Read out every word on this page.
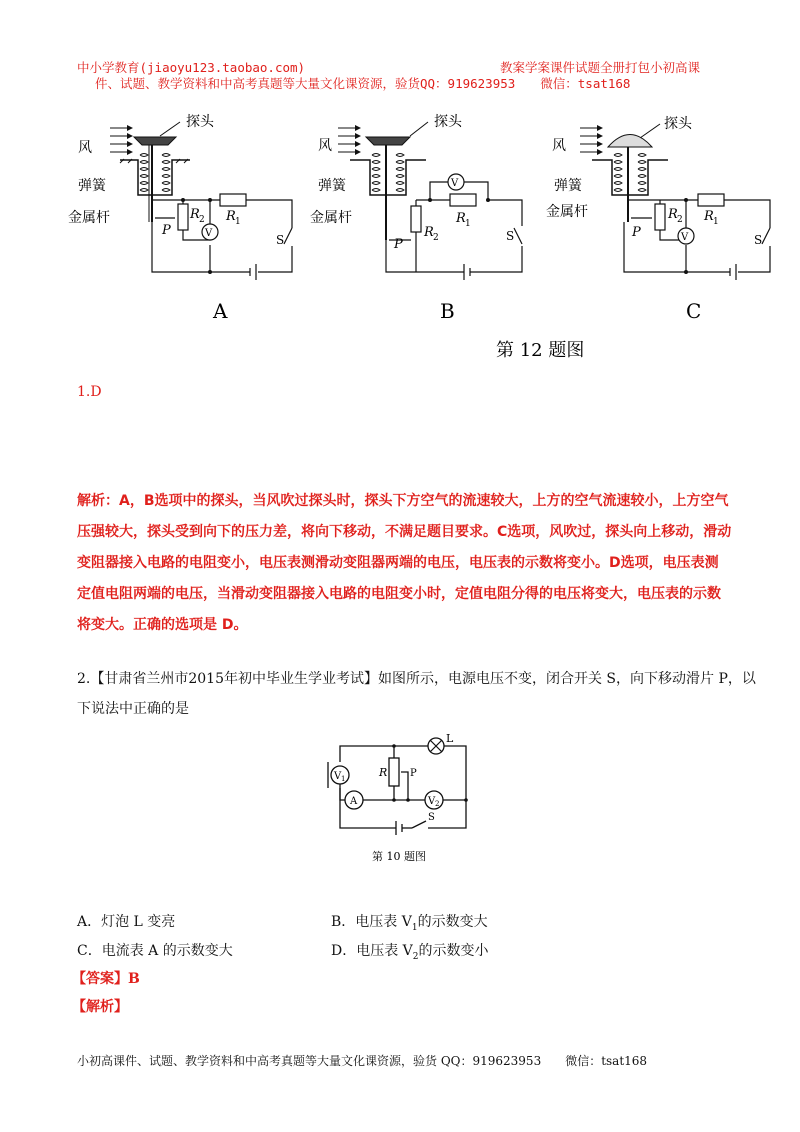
中小学教育(jiaoyu123.taobao.com)	教案学案课件试题全册打包小初高课
件、试题、教学资料和中高考真题等大量文化课资源，验货QQ：919623953　　微信：tsat168
风
探头
弹簧
金属杆
V
P
R 2 R 1
S
A
风
探头
弹簧
金属杆
V
P
R 2
R 1
S
B
风
探头
弹簧
金属杆
V
P
R 2 R 1
S
C
第 12 题图
1.D
解析：A，B选项中的探头，当风吹过探头时，探头下方空气的流速较大，上方的空气流速较小，上方空气
压强较大，探头受到向下的压力差，将向下移动，不满足题目要求。C选项，风吹过，探头向上移动，滑动
变阻器接入电路的电阻变小，电压表测滑动变阻器两端的电压，电压表的示数将变小。D选项，电压表测
定值电阻两端的电压，当滑动变阻器接入电路的电阻变小时，定值电阻分得的电压将变大，电压表的示数
将变大。正确的选项是 D。
2.【甘肃省兰州市2015年初中毕业生学业考试】如图所示，电源电压不变，闭合开关 S，向下移动滑片 P，以
下说法中正确的是
L
V 1
A	V 2
R P
S
第 10 题图
A．灯泡 L 变亮	B．电压表 $V_1$的示数变大
C．电流表 A 的示数变大	D．电压表 $V_2$的示数变小
【答案】B
【解析】
小初高课件、试题、教学资料和中高考真题等大量文化课资源，验货 QQ：919623953　　微信：tsat168
